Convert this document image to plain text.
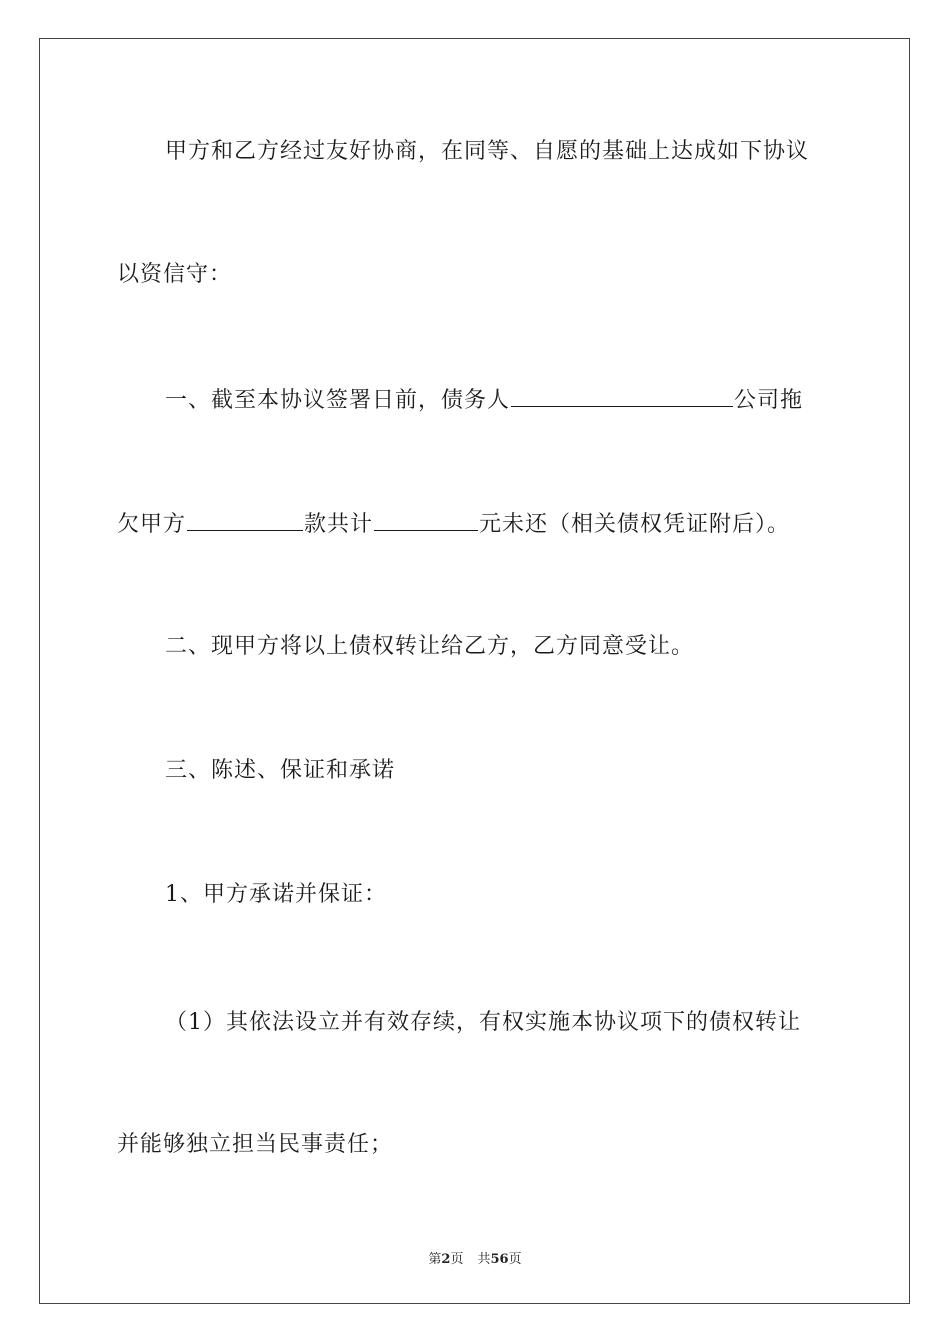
甲方和乙方经过友好协商，在同等、自愿的基础上达成如下协议
以资信守：
一、截至本协议签署日前，债务人	公司拖
欠甲方	款共计	元未还（相关债权凭证附后）。
二、现甲方将以上债权转让给乙方，乙方同意受让。
三、陈述、保证和承诺
1、甲方承诺并保证：
（1）其依法设立并有效存续，有权实施本协议项下的债权转让
并能够独立担当民事责任；
第2页 共56页
